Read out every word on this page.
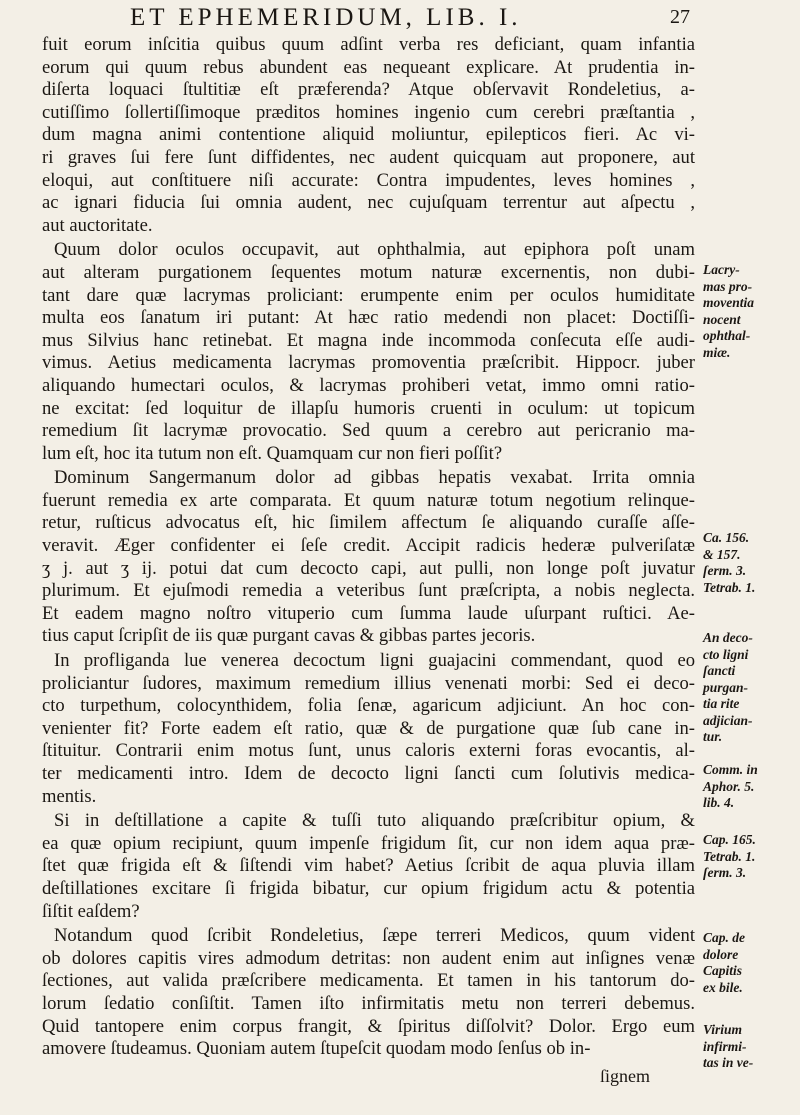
ET EPHEMERIDUM, LIB. I.	27
fuit eorum inſcitia quibus quum adſint verba res deficiant, quam infantia
eorum qui quum rebus abundent eas nequeant explicare. At prudentia in-
diſerta loquaci ſtultitiæ eſt præferenda? Atque obſervavit Rondeletius, a-
cutiſſimo ſollertiſſimoque præditos homines ingenio cum cerebri præſtantia ,
dum magna animi contentione aliquid moliuntur, epilepticos fieri. Ac vi-
ri graves ſui fere ſunt diffidentes, nec audent quicquam aut proponere, aut
eloqui, aut conſtituere niſi accurate: Contra impudentes, leves homines ,
ac ignari fiducia ſui omnia audent, nec cujuſquam terrentur aut aſpectu ,
aut auctoritate.
Quum dolor oculos occupavit, aut ophthalmia, aut epiphora poſt unam
aut alteram purgationem ſequentes motum naturæ excernentis, non dubi-
tant dare quæ lacrymas proliciant: erumpente enim per oculos humiditate
multa eos ſanatum iri putant: At hæc ratio medendi non placet: Doctiſſi-
mus Silvius hanc retinebat. Et magna inde incommoda conſecuta eſſe audi-
vimus. Aetius medicamenta lacrymas promoventia præſcribit. Hippocr. juber
aliquando humectari oculos, & lacrymas prohiberi vetat, immo omni ratio-
ne excitat: ſed loquitur de illapſu humoris cruenti in oculum: ut topicum
remedium ſit lacrymæ provocatio. Sed quum a cerebro aut pericranio ma-
lum eſt, hoc ita tutum non eſt. Quamquam cur non fieri poſſit?
Dominum Sangermanum dolor ad gibbas hepatis vexabat. Irrita omnia
fuerunt remedia ex arte comparata. Et quum naturæ totum negotium relinque-
retur, ruſticus advocatus eſt, hic ſimilem affectum ſe aliquando curaſſe aſſe-
veravit. Æger confidenter ei ſeſe credit. Accipit radicis hederæ pulveriſatæ
ʒ j. aut ʒ ij. potui dat cum decocto capi, aut pulli, non longe poſt juvatur
plurimum. Et ejuſmodi remedia a veteribus ſunt præſcripta, a nobis neglecta.
Et eadem magno noſtro vituperio cum ſumma laude uſurpant ruſtici. Ae-
tius caput ſcripſit de iis quæ purgant cavas & gibbas partes jecoris.
In profliganda lue venerea decoctum ligni guajacini commendant, quod eo
proliciantur ſudores, maximum remedium illius venenati morbi: Sed ei deco-
cto turpethum, colocynthidem, folia ſenæ, agaricum adjiciunt. An hoc con-
venienter fit? Forte eadem eſt ratio, quæ & de purgatione quæ ſub cane in-
ſtituitur. Contrarii enim motus ſunt, unus caloris externi foras evocantis, al-
ter medicamenti intro. Idem de decocto ligni ſancti cum ſolutivis medica-
mentis.
Si in deſtillatione a capite & tuſſi tuto aliquando præſcribitur opium, &
ea quæ opium recipiunt, quum impenſe frigidum ſit, cur non idem aqua præ-
ſtet quæ frigida eſt & ſiſtendi vim habet? Aetius ſcribit de aqua pluvia illam
deſtillationes excitare ſi frigida bibatur, cur opium frigidum actu & potentia
ſiſtit eaſdem?
Notandum quod ſcribit Rondeletius, ſæpe terreri Medicos, quum vident
ob dolores capitis vires admodum detritas: non audent enim aut inſignes venæ
ſectiones, aut valida præſcribere medicamenta. Et tamen in his tantorum do-
lorum ſedatio conſiſtit. Tamen iſto infirmitatis metu non terreri debemus.
Quid tantopere enim corpus frangit, & ſpiritus diſſolvit? Dolor. Ergo eum
amovere ſtudeamus. Quoniam autem ſtupeſcit quodam modo ſenſus ob in-
ſignem
Lacry-
mas pro-
moventia
nocent
ophthal-
miæ.
Ca. 156.
& 157.
ſerm. 3.
Tetrab. 1.
An deco-
cto ligni
ſancti
purgan-
tia rite
adjician-
tur.
Comm. in
Aphor. 5.
lib. 4.
Cap. 165.
Tetrab. 1.
ſerm. 3.
Cap. de
dolore
Capitis
ex bile.
Virium
infirmi-
tas in ve-
